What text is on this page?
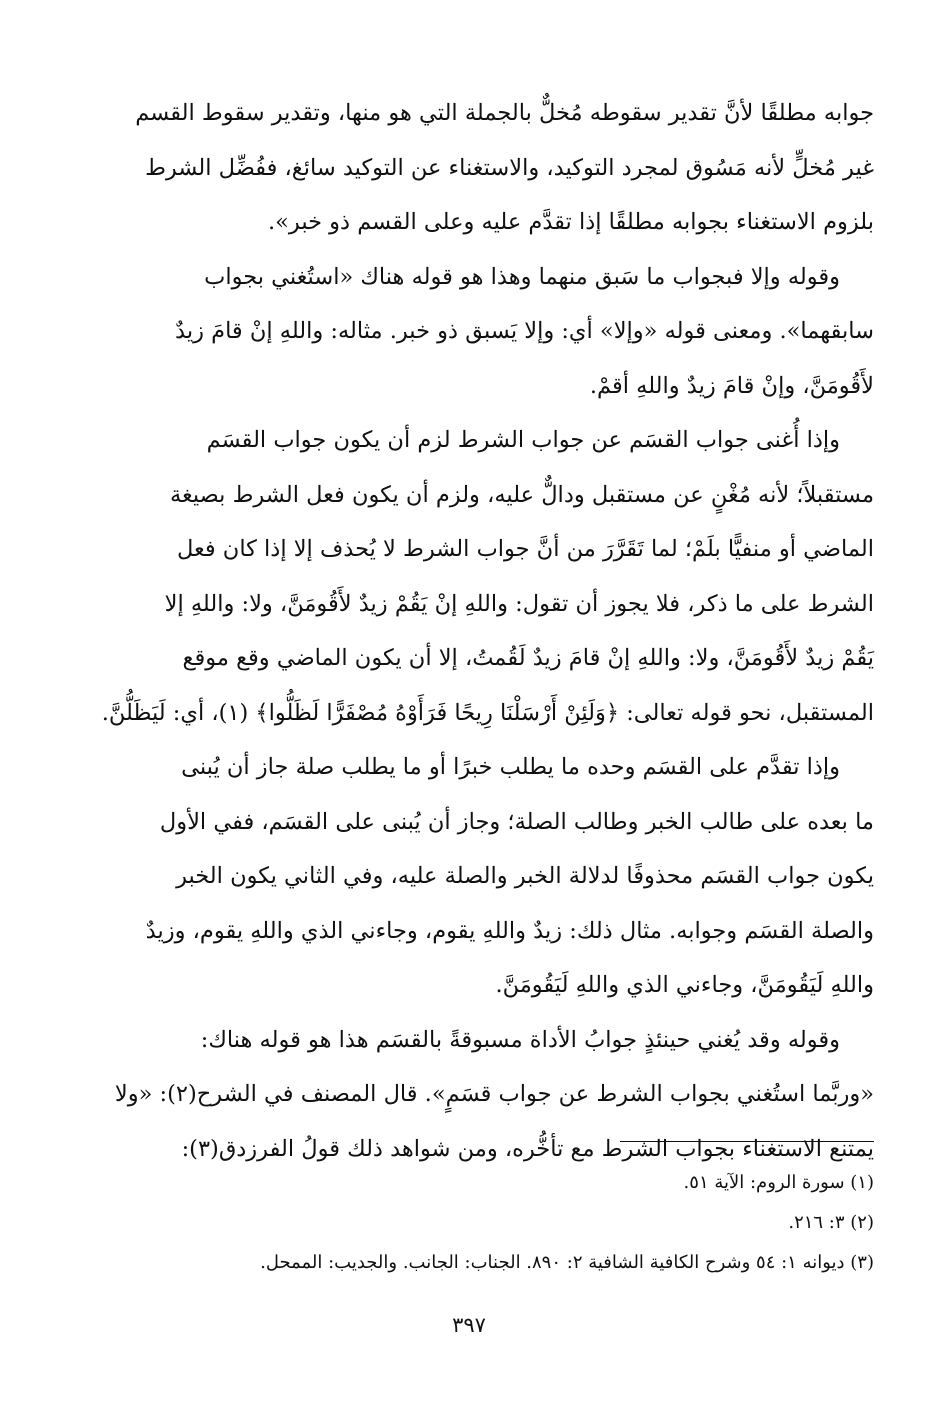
جوابه مطلقًا لأنَّ تقدير سقوطه مُخلٌّ بالجملة التي هو منها، وتقدير سقوط القسم
غير مُخلٍّ لأنه مَسُوق لمجرد التوكيد، والاستغناء عن التوكيد سائغ، ففُضِّل الشرط
بلزوم الاستغناء بجوابه مطلقًا إذا تقدَّم عليه وعلى القسم ذو خبر».
وقوله وإلا فبجواب ما سَبق منهما وهذا هو قوله هناك «استُغني بجواب
سابقهما». ومعنى قوله «وإلا» أي: وإلا يَسبق ذو خبر. مثاله: واللهِ إنْ قامَ زيدٌ
لأَقُومَنَّ، وإنْ قامَ زيدٌ واللهِ أقمْ.
وإذا أُغنى جواب القسَم عن جواب الشرط لزم أن يكون جواب القسَم
مستقبلاً؛ لأنه مُغْنٍ عن مستقبل ودالٌّ عليه، ولزم أن يكون فعل الشرط بصيغة
الماضي أو منفيًّا بلَمْ؛ لما تَقَرَّرَ من أنَّ جواب الشرط لا يُحذف إلا إذا كان فعل
الشرط على ما ذكر، فلا يجوز أن تقول: واللهِ إنْ يَقُمْ زيدٌ لأَقُومَنَّ، ولا: واللهِ إلا
يَقُمْ زيدٌ لأَقُومَنَّ، ولا: واللهِ إنْ قامَ زيدٌ لَقُمتُ، إلا أن يكون الماضي وقع موقع
المستقبل، نحو قوله تعالى: ﴿وَلَئِنْ أَرْسَلْنَا رِيحًا فَرَأَوْهُ مُصْفَرًّا لَظَلُّوا﴾ (١)، أي: لَيَظَلُّنَّ.
وإذا تقدَّم على القسَم وحده ما يطلب خبرًا أو ما يطلب صلة جاز أن يُبنى
ما بعده على طالب الخبر وطالب الصلة؛ وجاز أن يُبنى على القسَم، ففي الأول
يكون جواب القسَم محذوفًا لدلالة الخبر والصلة عليه، وفي الثاني يكون الخبر
والصلة القسَم وجوابه. مثال ذلك: زيدٌ واللهِ يقوم، وجاءني الذي واللهِ يقوم، وزيدٌ
واللهِ لَيَقُومَنَّ، وجاءني الذي واللهِ لَيَقُومَنَّ.
وقوله وقد يُغني حينئذٍ جوابُ الأداة مسبوقةً بالقسَم هذا هو قوله هناك:
«وربَّما استُغني بجواب الشرط عن جواب قسَمٍ». قال المصنف في الشرح(٢): «ولا
يمتنع الاستغناء بجواب الشرط مع تأخُّره، ومن شواهد ذلك قولُ الفرزدق(٣):
(١) سورة الروم: الآية ٥١.
(٢) ٣: ٢١٦.
(٣) ديوانه ١: ٥٤ وشرح الكافية الشافية ٢: ٨٩٠. الجناب: الجانب. والجديب: الممحل.
٣٩٧
